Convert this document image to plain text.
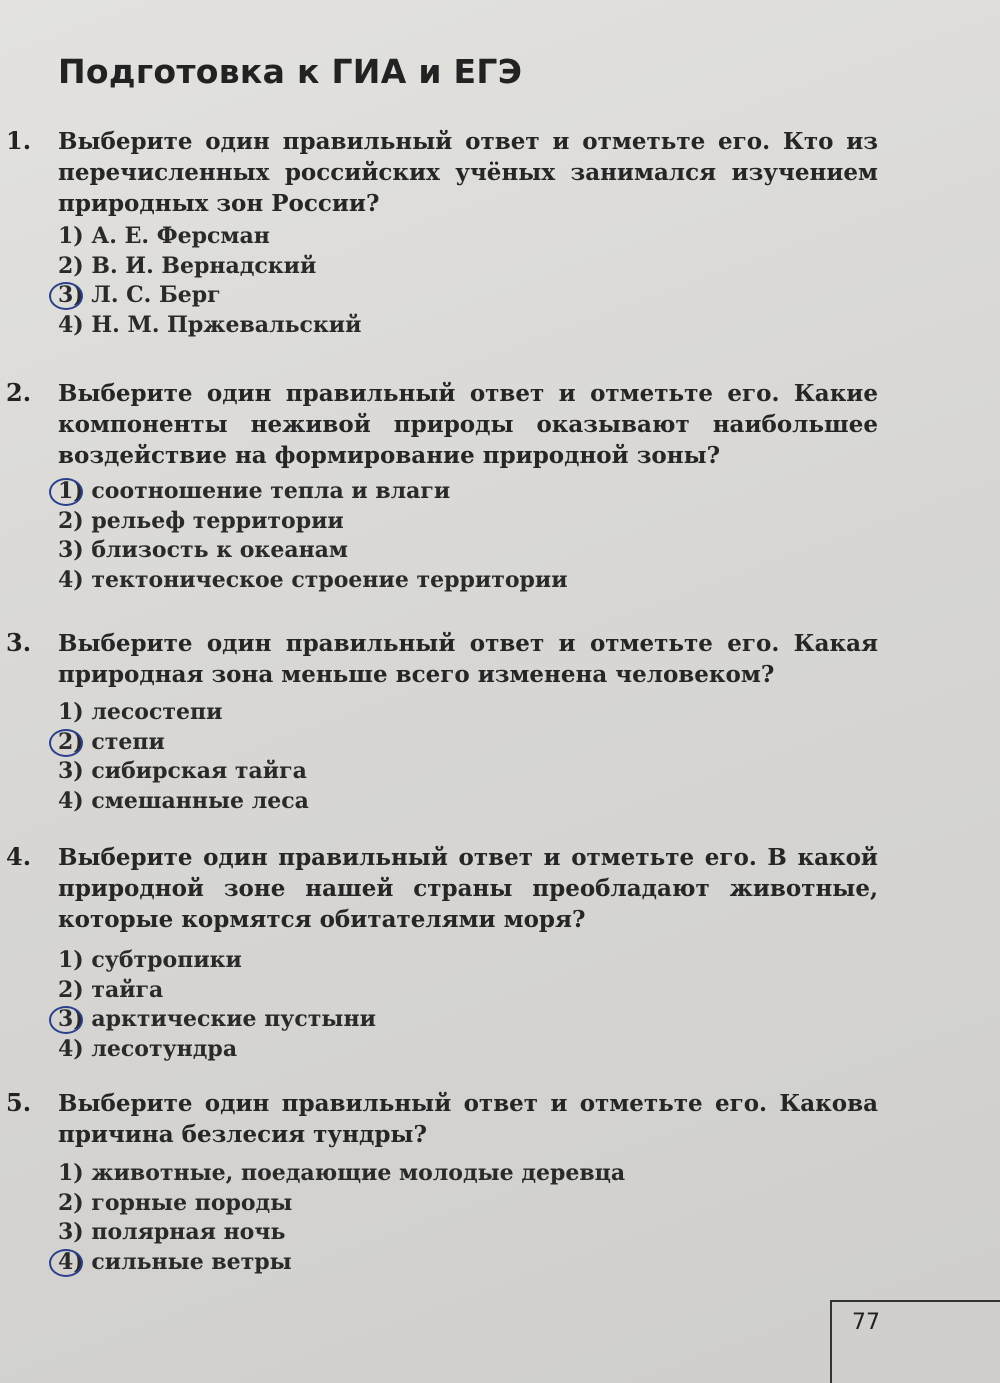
Подготовка к ГИА и ЕГЭ
1. Выберите один правильный ответ и отметьте его. Кто из перечисленных российских учёных занимался изучением природных зон России?
1) А. Е. Ферсман
2) В. И. Вернадский
3) Л. С. Берг
4) Н. М. Пржевальский
2. Выберите один правильный ответ и отметьте его. Какие компоненты неживой природы оказывают наибольшее воздействие на формирование природной зоны?
1) соотношение тепла и влаги
2) рельеф территории
3) близость к океанам
4) тектоническое строение территории
3. Выберите один правильный ответ и отметьте его. Какая природная зона меньше всего изменена человеком?
1) лесостепи
2) степи
3) сибирская тайга
4) смешанные леса
4. Выберите один правильный ответ и отметьте его. В какой природной зоне нашей страны преобладают животные, которые кормятся обитателями моря?
1) субтропики
2) тайга
3) арктические пустыни
4) лесотундра
5. Выберите один правильный ответ и отметьте его. Какова причина безлесия тундры?
1) животные, поедающие молодые деревца
2) горные породы
3) полярная ночь
4) сильные ветры
77
